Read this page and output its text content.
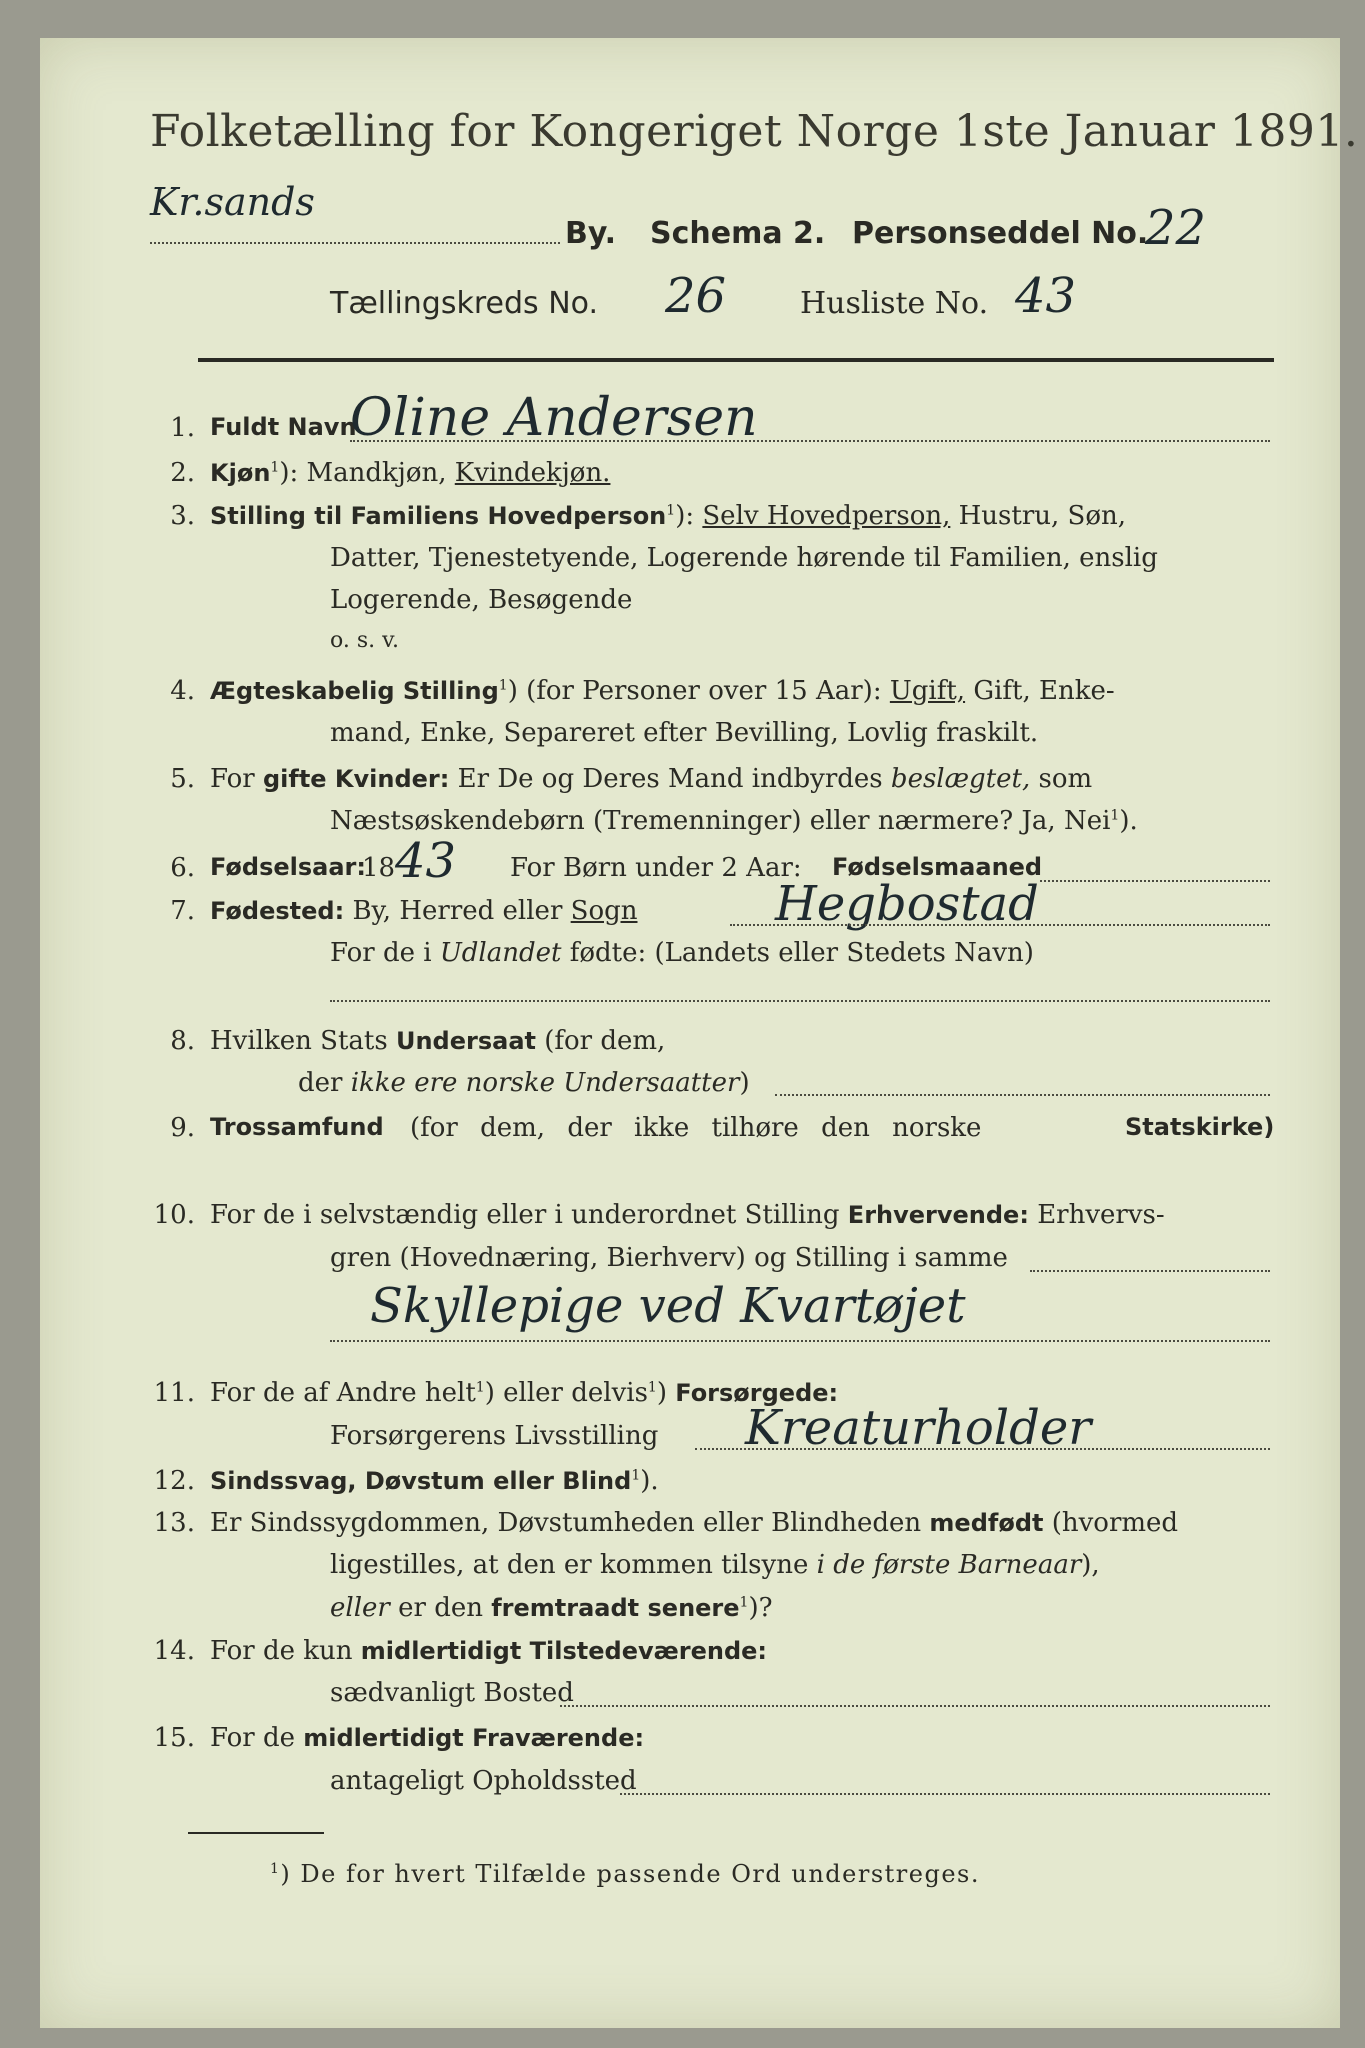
Folketælling for Kongeriget Norge 1ste Januar 1891.
Kr.sands
By. Schema 2. Personseddel No.
22
Tællingskreds No. 26 Husliste No. 43
1. Fuldt Navn
Oline Andersen
2. Kjøn$^1$): Mandkjøn, Kvindekjøn.
3. Stilling til Familiens Hovedperson$^1$): Selv Hovedperson, Hustru, Søn,
Datter, Tjenestetyende, Logerende hørende til Familien, enslig
Logerende, Besøgende
o. s. v.
4. Ægteskabelig Stilling$^1$) (for Personer over 15 Aar): Ugift, Gift, Enke-
mand, Enke, Separeret efter Bevilling, Lovlig fraskilt.
5. For gifte Kvinder: Er De og Deres Mand indbyrdes beslægtet, som
Næstsøskendebørn (Tremenninger) eller nærmere? Ja, Nei$^1$).
6. Fødselsaar:
18 43 For Børn under 2 Aar: Fødselsmaaned
7. Fødested: By, Herred eller Sogn	Hegbostad
For de i Udlandet fødte: (Landets eller Stedets Navn)
8. Hvilken Stats Undersaat (for dem,
der ikke ere norske Undersaatter)
9. Trossamfund (for dem, der ikke tilhøre den norske	Statskirke)
10. For de i selvstændig eller i underordnet Stilling Erhvervende: Erhvervs-
gren (Hovednæring, Bierhverv) og Stilling i samme
Skyllepige ved Kvartøjet
11. For de af Andre helt$^1$) eller delvis$^1$) Forsørgede:
Forsørgerens Livsstilling Kreaturholder
12. Sindssvag, Døvstum eller Blind$^1$).
13. Er Sindssygdommen, Døvstumheden eller Blindheden medfødt (hvormed
ligestilles, at den er kommen tilsyne i de første Barneaar),
eller er den fremtraadt senere$^1$)?
14. For de kun midlertidigt Tilstedeværende:
sædvanligt Bosted
15. For de midlertidigt Fraværende:
antageligt Opholdssted
$^1$) De for hvert Tilfælde passende Ord understreges.
